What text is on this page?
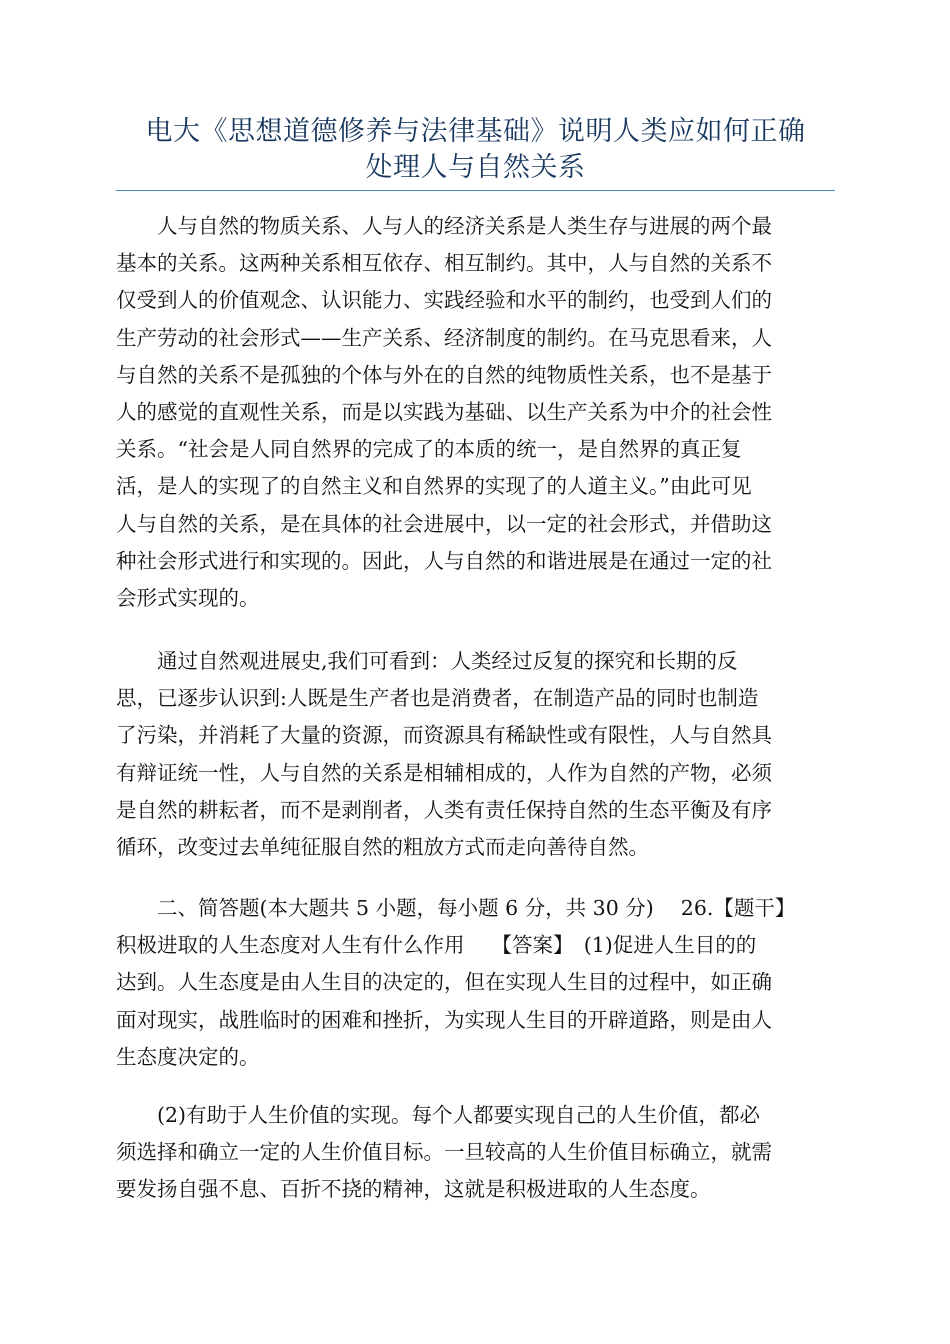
电大《思想道德修养与法律基础》说明人类应如何正确
处理人与自然关系

　　人与自然的物质关系、人与人的经济关系是人类生存与进展的两个最
基本的关系。这两种关系相互依存、相互制约。其中，人与自然的关系不
仅受到人的价值观念、认识能力、实践经验和水平的制约，也受到人们的
生产劳动的社会形式——生产关系、经济制度的制约。在马克思看来，人
与自然的关系不是孤独的个体与外在的自然的纯物质性关系，也不是基于
人的感觉的直观性关系，而是以实践为基础、以生产关系为中介的社会性
关系。“社会是人同自然界的完成了的本质的统一，是自然界的真正复
活，是人的实现了的自然主义和自然界的实现了的人道主义。”由此可见
人与自然的关系，是在具体的社会进展中，以一定的社会形式，并借助这
种社会形式进行和实现的。因此，人与自然的和谐进展是在通过一定的社
会形式实现的。

　　通过自然观进展史,我们可看到：人类经过反复的探究和长期的反
思，已逐步认识到:人既是生产者也是消费者，在制造产品的同时也制造
了污染，并消耗了大量的资源，而资源具有稀缺性或有限性，人与自然具
有辩证统一性，人与自然的关系是相辅相成的，人作为自然的产物，必须
是自然的耕耘者，而不是剥削者，人类有责任保持自然的生态平衡及有序
循环，改变过去单纯征服自然的粗放方式而走向善待自然。

　　二、简答题(本大题共 5 小题，每小题 6 分，共 30 分)　 26.【题干】
积极进取的人生态度对人生有什么作用　 【答案】　(1)促进人生目的的
达到。人生态度是由人生目的决定的，但在实现人生目的过程中，如正确
面对现实，战胜临时的困难和挫折，为实现人生目的开辟道路，则是由人
生态度决定的。

　　(2)有助于人生价值的实现。每个人都要实现自己的人生价值，都必
须选择和确立一定的人生价值目标。一旦较高的人生价值目标确立，就需
要发扬自强不息、百折不挠的精神，这就是积极进取的人生态度。
